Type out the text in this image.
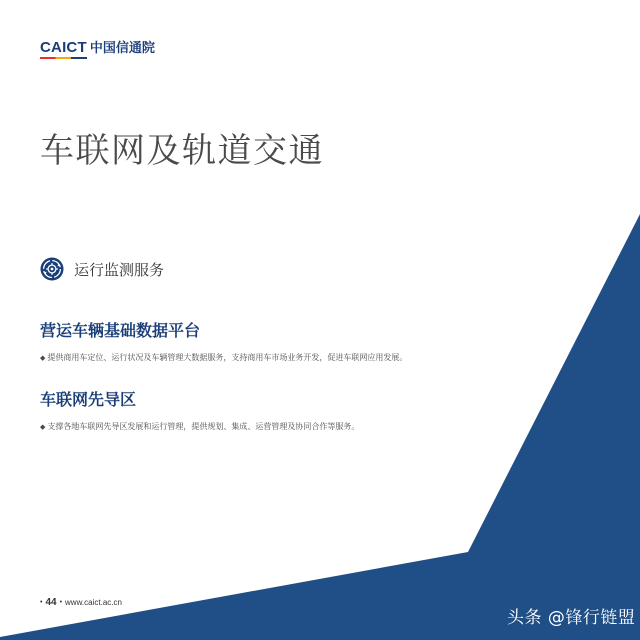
CAICT 中国信通院
车联网及轨道交通
运行监测服务
营运车辆基础数据平台

◆ 提供商用车定位、运行状况及车辆管理大数据服务，支持商用车市场业务开发，促进车联网应用发展。

车联网先导区

◆ 支撑各地车联网先导区发展和运行管理，提供规划、集成、运营管理及协同合作等服务。

• 44 • www.caict.ac.cn
头条 @锋行链盟
